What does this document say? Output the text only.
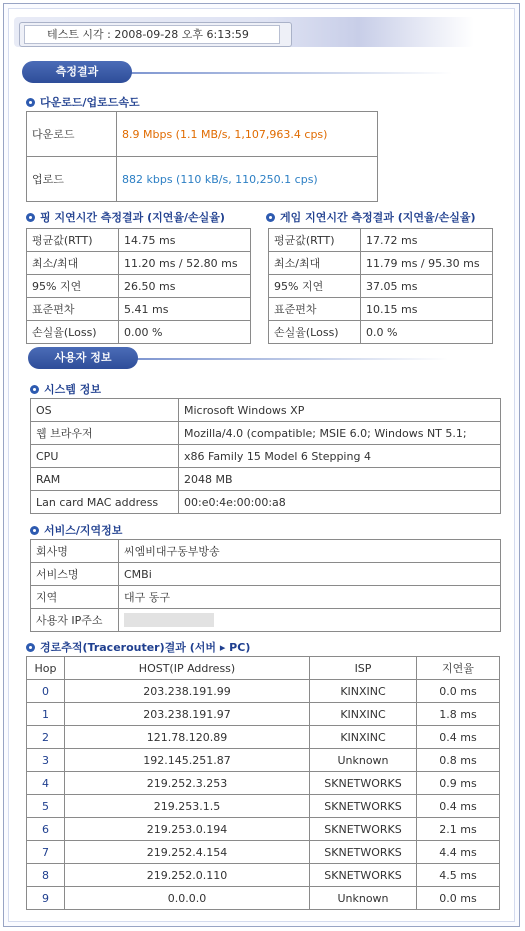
테스트 시각 : 2008-09-28 오후 6:13:59
측정결과
다운로드/업로드속도
다운로드	8.9 Mbps (1.1 MB/s, 1,107,963.4 cps)
업로드	882 kbps (110 kB/s, 110,250.1 cps)
핑 지연시간 측정결과 (지연율/손실율)
평균값(RTT)	14.75 ms
최소/최대	11.20 ms / 52.80 ms
95% 지연	26.50 ms
표준편차	5.41 ms
손실율(Loss)	0.00 %
게임 지연시간 측정결과 (지연율/손실율)
평균값(RTT)	17.72 ms
최소/최대	11.79 ms / 95.30 ms
95% 지연	37.05 ms
표준편차	10.15 ms
손실율(Loss)	0.0 %
사용자 정보
시스템 정보
OS	Microsoft Windows XP
웹 브라우저	Mozilla/4.0 (compatible; MSIE 6.0; Windows NT 5.1;
CPU	x86 Family 15 Model 6 Stepping 4
RAM	2048 MB
Lan card MAC address	00:e0:4e:00:00:a8
서비스/지역정보
회사명	씨엠비대구동부방송
서비스명	CMBi
지역	대구 동구
사용자 IP주소	
경로추적(Tracerouter)결과 (서버 ▸ PC)
Hop	HOST(IP Address)	ISP	지연율
0	203.238.191.99	KINXINC	0.0 ms
1	203.238.191.97	KINXINC	1.8 ms
2	121.78.120.89	KINXINC	0.4 ms
3	192.145.251.87	Unknown	0.8 ms
4	219.252.3.253	SKNETWORKS	0.9 ms
5	219.253.1.5	SKNETWORKS	0.4 ms
6	219.253.0.194	SKNETWORKS	2.1 ms
7	219.252.4.154	SKNETWORKS	4.4 ms
8	219.252.0.110	SKNETWORKS	4.5 ms
9	0.0.0.0	Unknown	0.0 ms
